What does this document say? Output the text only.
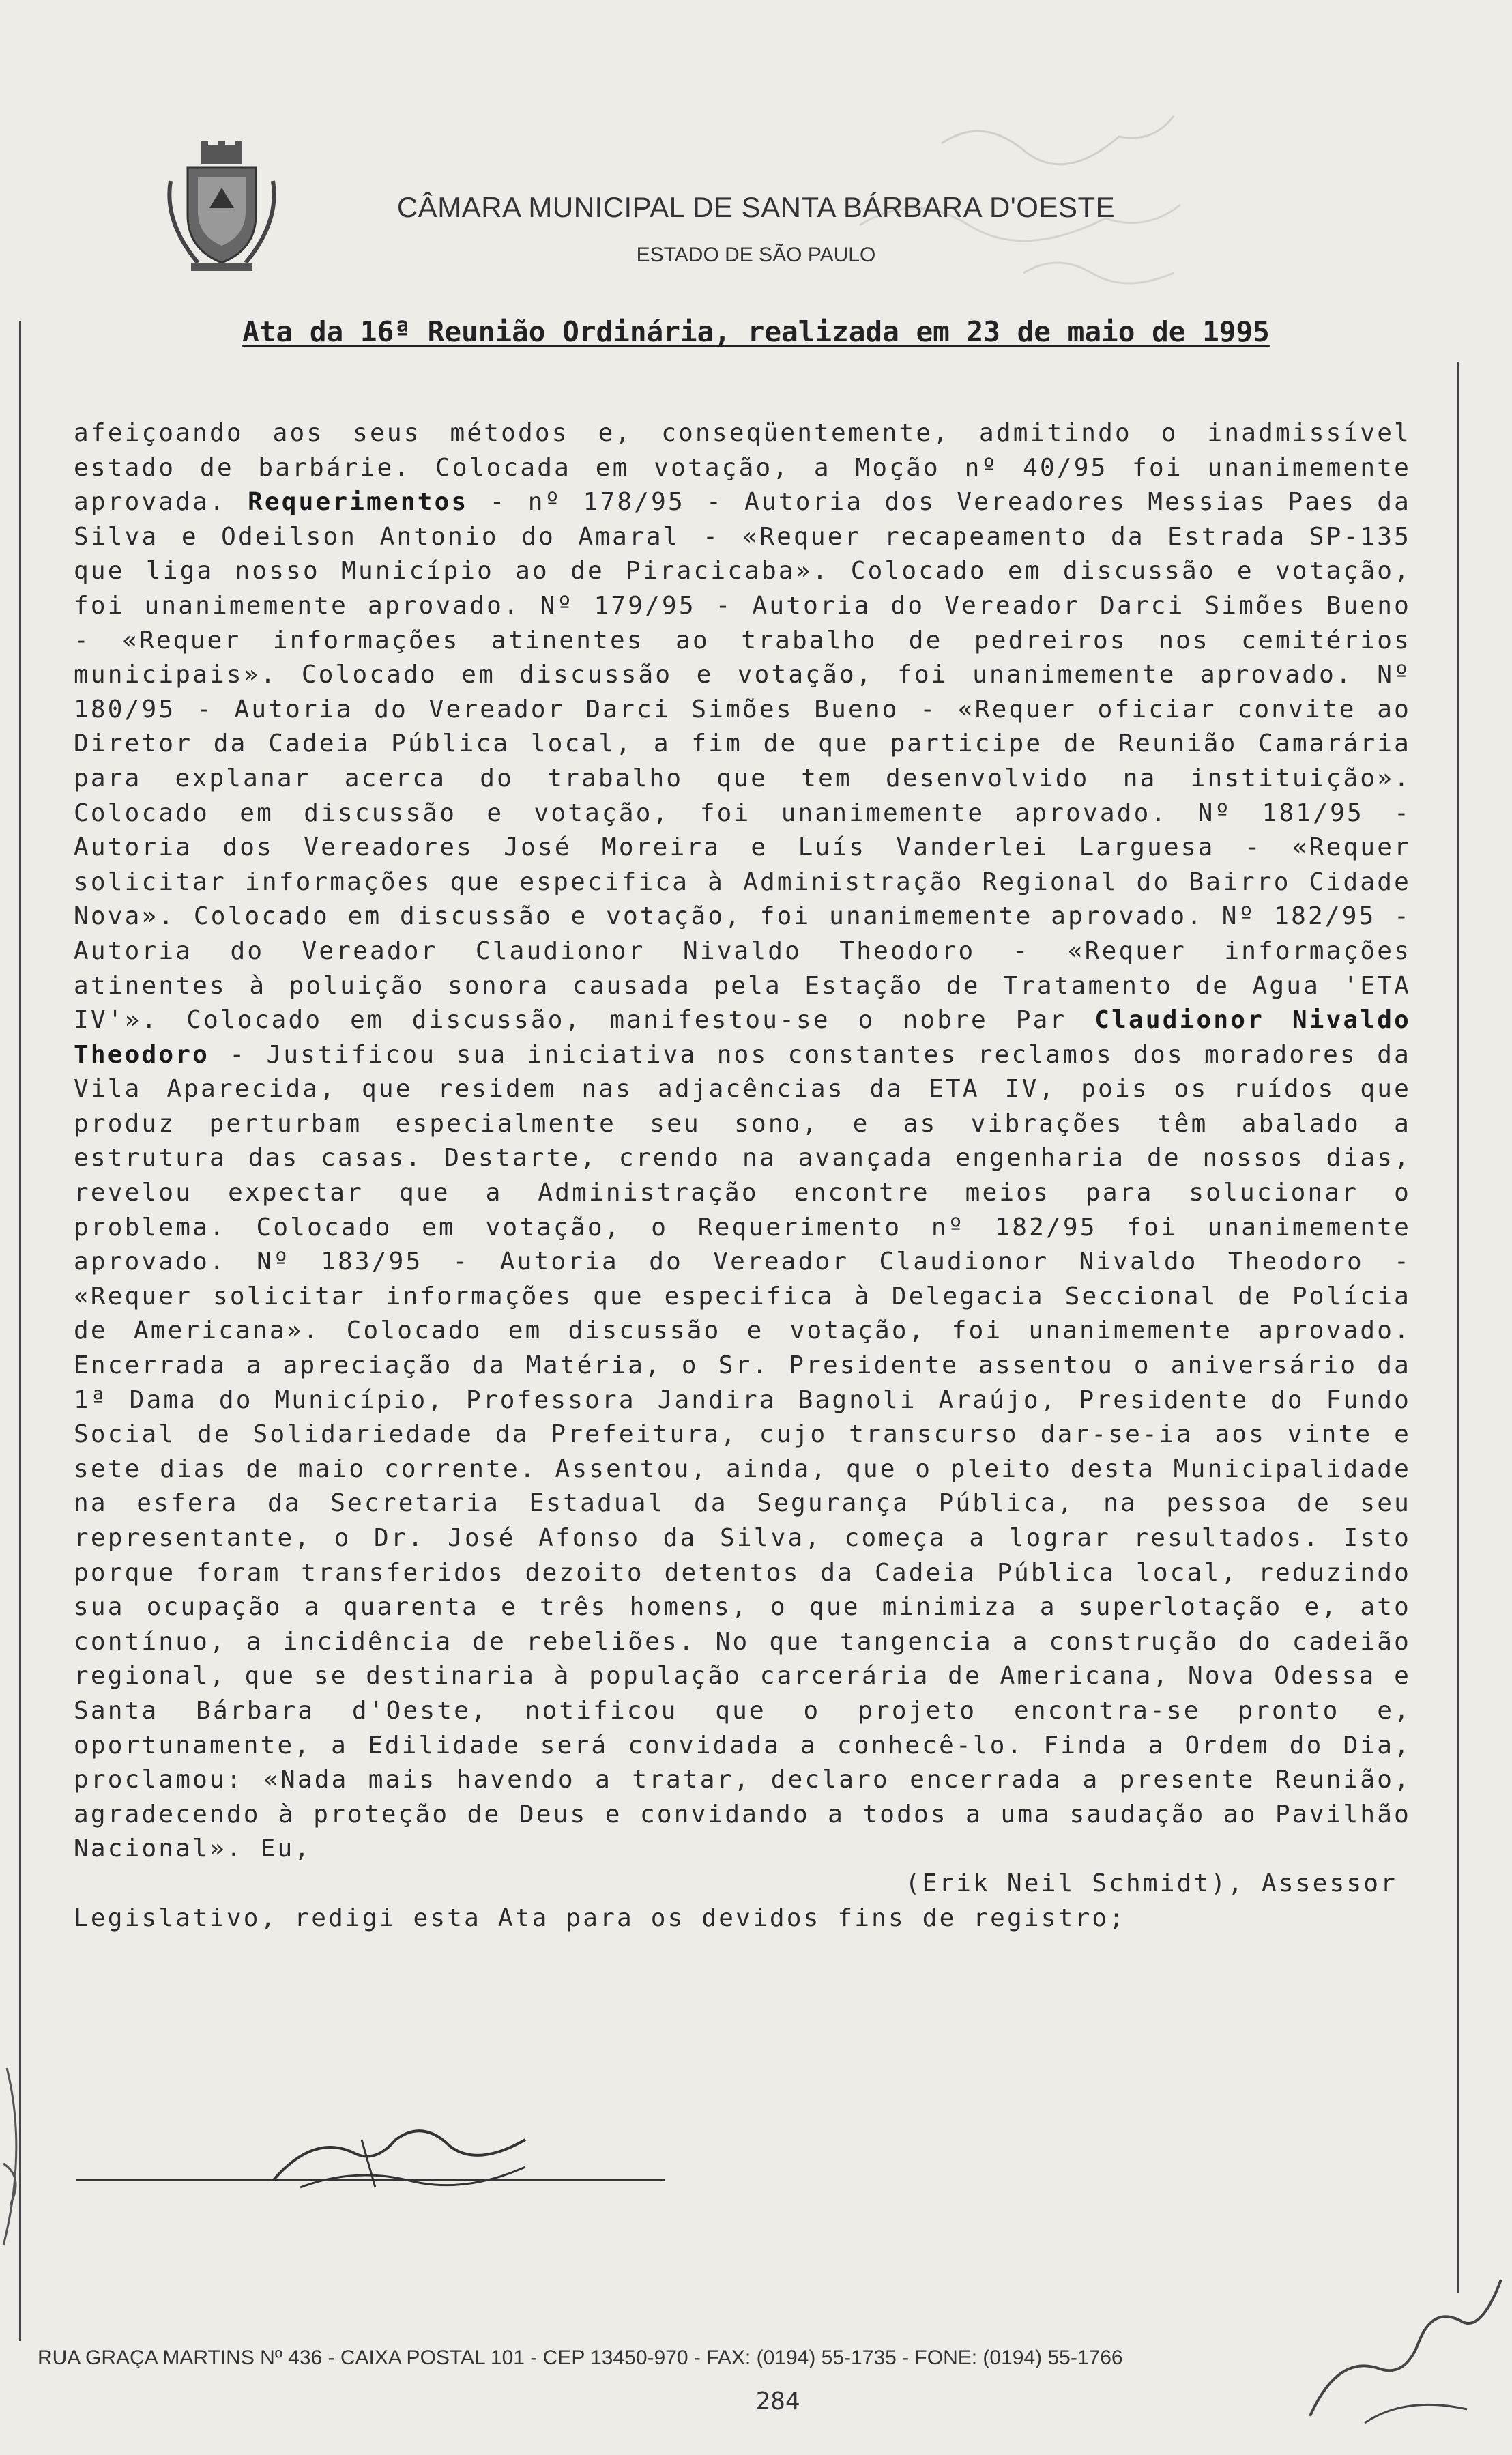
CÂMARA MUNICIPAL DE SANTA BÁRBARA D'OESTE
ESTADO DE SÃO PAULO
Ata da 16ª Reunião Ordinária, realizada em 23 de maio de 1995
afeiçoando aos seus métodos e, conseqüentemente, admitindo o inadmissível estado de barbárie. Colocada em votação, a Moção nº 40/95 foi unanimemente aprovada. Requerimentos - nº 178/95 - Autoria dos Vereadores Messias Paes da Silva e Odeilson Antonio do Amaral - «Requer recapeamento da Estrada SP-135 que liga nosso Município ao de Piracicaba». Colocado em discussão e votação, foi unanimemente aprovado. Nº 179/95 - Autoria do Vereador Darci Simões Bueno - «Requer informações atinentes ao trabalho de pedreiros nos cemitérios municipais». Colocado em discussão e votação, foi unanimemente aprovado. Nº 180/95 - Autoria do Vereador Darci Simões Bueno - «Requer oficiar convite ao Diretor da Cadeia Pública local, a fim de que participe de Reunião Camarária para explanar acerca do trabalho que tem desenvolvido na instituição». Colocado em discussão e votação, foi unanimemente aprovado. Nº 181/95 - Autoria dos Vereadores José Moreira e Luís Vanderlei Larguesa - «Requer solicitar informações que especifica à Administração Regional do Bairro Cidade Nova». Colocado em discussão e votação, foi unanimemente aprovado. Nº 182/95 - Autoria do Vereador Claudionor Nivaldo Theodoro - «Requer informações atinentes à poluição sonora causada pela Estação de Tratamento de Agua 'ETA IV'». Colocado em discussão, manifestou-se o nobre Par Claudionor Nivaldo Theodoro - Justificou sua iniciativa nos constantes reclamos dos moradores da Vila Aparecida, que residem nas adjacências da ETA IV, pois os ruídos que produz perturbam especialmente seu sono, e as vibrações têm abalado a estrutura das casas. Destarte, crendo na avançada engenharia de nossos dias, revelou expectar que a Administração encontre meios para solucionar o problema. Colocado em votação, o Requerimento nº 182/95 foi unanimemente aprovado. Nº 183/95 - Autoria do Vereador Claudionor Nivaldo Theodoro - «Requer solicitar informações que especifica à Delegacia Seccional de Polícia de Americana». Colocado em discussão e votação, foi unanimemente aprovado. Encerrada a apreciação da Matéria, o Sr. Presidente assentou o aniversário da 1ª Dama do Município, Professora Jandira Bagnoli Araújo, Presidente do Fundo Social de Solidariedade da Prefeitura, cujo transcurso dar-se-ia aos vinte e sete dias de maio corrente. Assentou, ainda, que o pleito desta Municipalidade na esfera da Secretaria Estadual da Segurança Pública, na pessoa de seu representante, o Dr. José Afonso da Silva, começa a lograr resultados. Isto porque foram transferidos dezoito detentos da Cadeia Pública local, reduzindo sua ocupação a quarenta e três homens, o que minimiza a superlotação e, ato contínuo, a incidência de rebeliões. No que tangencia a construção do cadeião regional, que se destinaria à população carcerária de Americana, Nova Odessa e Santa Bárbara d'Oeste, notificou que o projeto encontra-se pronto e, oportunamente, a Edilidade será convidada a conhecê-lo. Finda a Ordem do Dia, proclamou: «Nada mais havendo a tratar, declaro encerrada a presente Reunião, agradecendo à proteção de Deus e convidando a todos a uma saudação ao Pavilhão Nacional». Eu,
(Erik Neil Schmidt), Assessor
Legislativo, redigi esta Ata para os devidos fins de registro;
284
RUA GRAÇA MARTINS Nº 436 - CAIXA POSTAL 101 - CEP 13450-970 - FAX: (0194) 55-1735 - FONE: (0194) 55-1766
